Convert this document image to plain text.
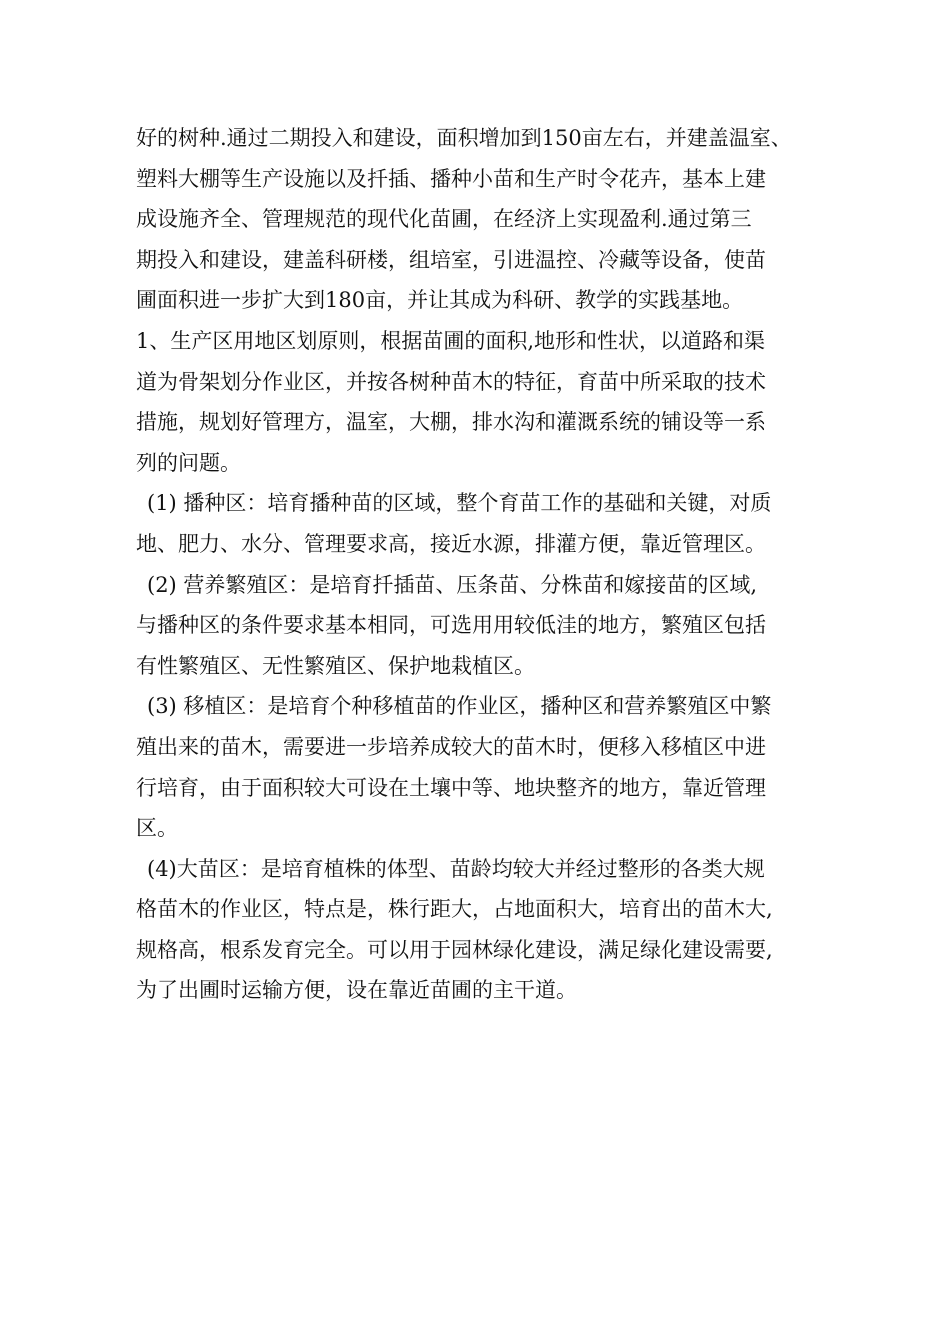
好的树种.通过二期投入和建设，面积增加到150亩左右，并建盖温室、
塑料大棚等生产设施以及扦插、播种小苗和生产时令花卉，基本上建
成设施齐全、管理规范的现代化苗圃，在经济上实现盈利.通过第三
期投入和建设，建盖科研楼，组培室，引进温控、冷藏等设备，使苗
圃面积进一步扩大到180亩，并让其成为科研、教学的实践基地。
1、生产区用地区划原则，根据苗圃的面积,地形和性状，以道路和渠
道为骨架划分作业区，并按各树种苗木的特征，育苗中所采取的技术
措施，规划好管理方，温室，大棚，排水沟和灌溉系统的铺设等一系
列的问题。
(1) 播种区：培育播种苗的区域，整个育苗工作的基础和关键，对质
地、肥力、水分、管理要求高，接近水源，排灌方便，靠近管理区。
(2) 营养繁殖区：是培育扦插苗、压条苗、分株苗和嫁接苗的区域,
与播种区的条件要求基本相同，可选用用较低洼的地方，繁殖区包括
有性繁殖区、无性繁殖区、保护地栽植区。
(3) 移植区：是培育个种移植苗的作业区，播种区和营养繁殖区中繁
殖出来的苗木，需要进一步培养成较大的苗木时，便移入移植区中进
行培育，由于面积较大可设在土壤中等、地块整齐的地方，靠近管理
区。
(4)大苗区：是培育植株的体型、苗龄均较大并经过整形的各类大规
格苗木的作业区，特点是，株行距大，占地面积大，培育出的苗木大,
规格高，根系发育完全。可以用于园林绿化建设，满足绿化建设需要,
为了出圃时运输方便，设在靠近苗圃的主干道。
